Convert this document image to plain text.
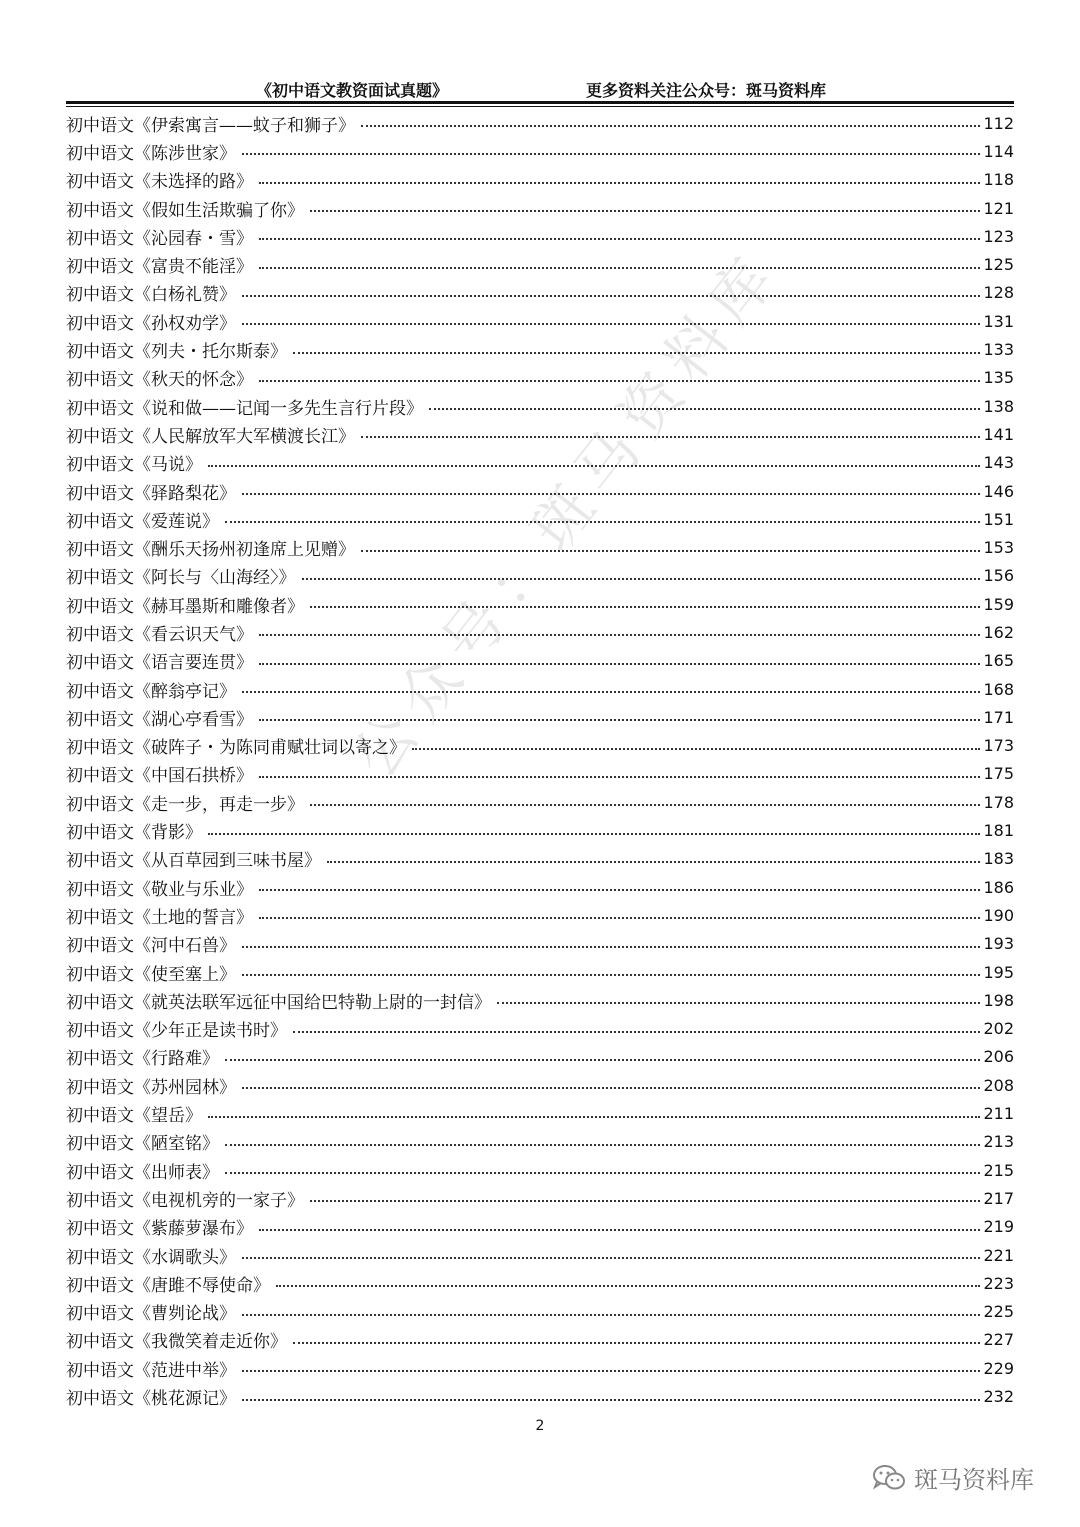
《初中语文教资面试真题》	更多资料关注公众号：斑马资料库
公众号：斑马资料库
初中语文《伊索寓言——蚊子和狮子》	112
初中语文《陈涉世家》	114
初中语文《未选择的路》	118
初中语文《假如生活欺骗了你》	121
初中语文《沁园春・雪》	123
初中语文《富贵不能淫》	125
初中语文《白杨礼赞》	128
初中语文《孙权劝学》	131
初中语文《列夫・托尔斯泰》	133
初中语文《秋天的怀念》	135
初中语文《说和做——记闻一多先生言行片段》	138
初中语文《人民解放军大军横渡长江》	141
初中语文《马说》	143
初中语文《驿路梨花》	146
初中语文《爱莲说》	151
初中语文《酬乐天扬州初逢席上见赠》	153
初中语文《阿长与〈山海经〉》	156
初中语文《赫耳墨斯和雕像者》	159
初中语文《看云识天气》	162
初中语文《语言要连贯》	165
初中语文《醉翁亭记》	168
初中语文《湖心亭看雪》	171
初中语文《破阵子・为陈同甫赋壮词以寄之》	173
初中语文《中国石拱桥》	175
初中语文《走一步，再走一步》	178
初中语文《背影》	181
初中语文《从百草园到三味书屋》	183
初中语文《敬业与乐业》	186
初中语文《土地的誓言》	190
初中语文《河中石兽》	193
初中语文《使至塞上》	195
初中语文《就英法联军远征中国给巴特勒上尉的一封信》	198
初中语文《少年正是读书时》	202
初中语文《行路难》	206
初中语文《苏州园林》	208
初中语文《望岳》	211
初中语文《陋室铭》	213
初中语文《出师表》	215
初中语文《电视机旁的一家子》	217
初中语文《紫藤萝瀑布》	219
初中语文《水调歌头》	221
初中语文《唐雎不辱使命》	223
初中语文《曹刿论战》	225
初中语文《我微笑着走近你》	227
初中语文《范进中举》	229
初中语文《桃花源记》	232
2
斑马资料库
